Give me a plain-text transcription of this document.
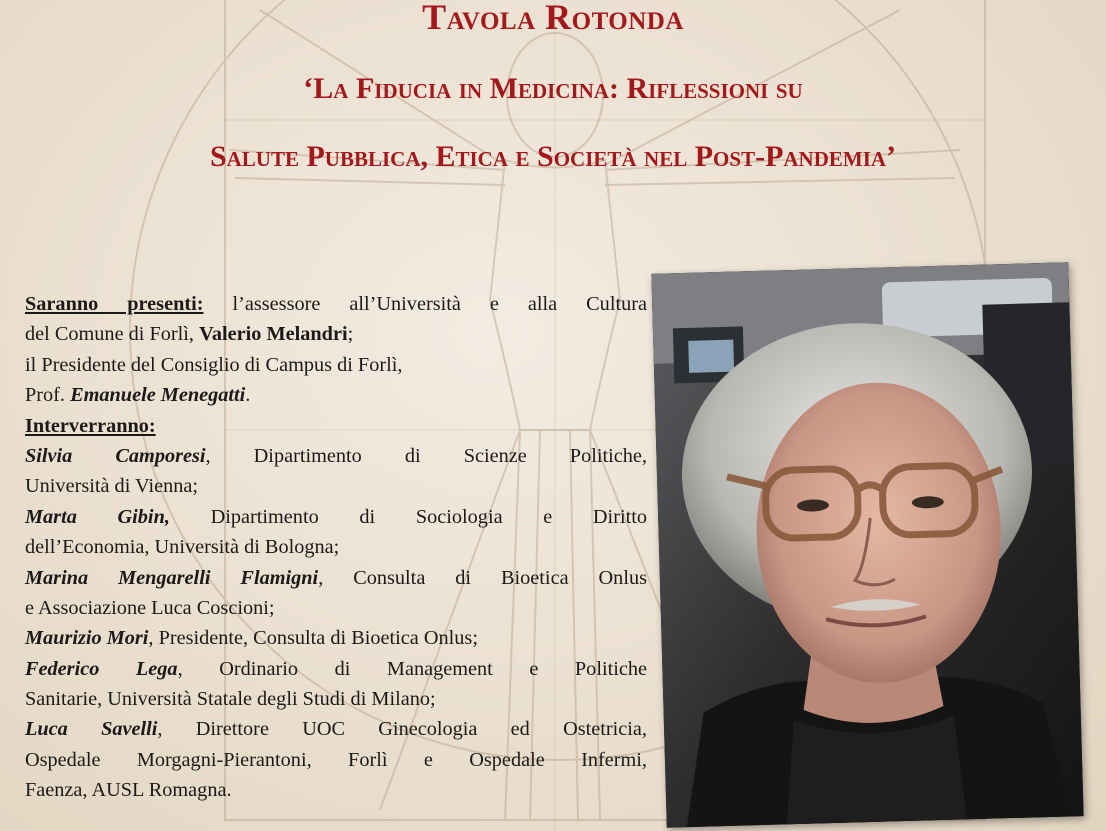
Tavola Rotonda
‘La Fiducia in Medicina: Riflessioni su
Salute Pubblica, Etica e Società nel Post-Pandemia’
Saranno presenti: l’assessore all’Università e alla Cultura
del Comune di Forlì, Valerio Melandri;
il Presidente del Consiglio di Campus di Forlì,
Prof. Emanuele Menegatti.
Interverranno:
Silvia Camporesi, Dipartimento di Scienze Politiche,
Università di Vienna;
Marta Gibin, Dipartimento di Sociologia e Diritto
dell’Economia, Università di Bologna;
Marina Mengarelli Flamigni, Consulta di Bioetica Onlus
e Associazione Luca Coscioni;
Maurizio Mori, Presidente, Consulta di Bioetica Onlus;
Federico Lega, Ordinario di Management e Politiche
Sanitarie, Università Statale degli Studi di Milano;
Luca Savelli, Direttore UOC Ginecologia ed Ostetricia,
Ospedale Morgagni-Pierantoni, Forlì e Ospedale Infermi,
Faenza, AUSL Romagna.
